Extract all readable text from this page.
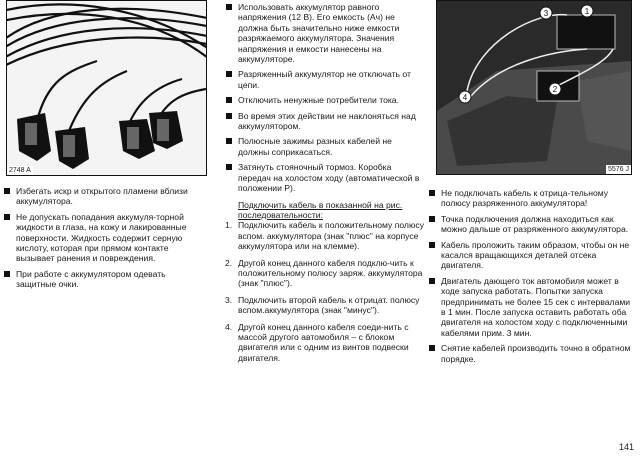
2748 A
Избегать искр и открытого пламени вблизи аккумулятора.
Не допускать попадания аккумуля-торной жидкости в глаза, на кожу и лакированные поверхности. Жидкость содержит серную кислоту, которая при прямом контакте вызывает ранения и повреждения.
При работе с аккумулятором одевать защитные очки.
Использовать аккумулятор равного напряжения (12 В). Его емкость (Ач) не должна быть значительно ниже емкости разряжаемого аккумулятора. Значения напряжения и емкости нанесены на аккумуляторе.
Разряженный аккумулятор не отключать от цепи.
Отключить ненужные потребители тока.
Во время этих действии не наклоняться над аккумулятором.
Полюсные зажимы разных кабелей не должны соприкасаться.
Затянуть стояночный тормоз. Коробка передач на холостом ходу (автоматической в положении Р).
Подключить кабель в показанной на рис. последовательности:
1. Подключить кабель к положительному полюсу вспом. аккумулятора (знак "плюс" на корпусе аккумулятора или на клемме).
2. Другой конец данного кабеля подклю-чить к положительному полюсу заряж. аккумулятора (знак "плюс").
3. Подключить второй кабель к отрицат. полюсу вспом.аккумулятора (знак "минус").
4. Другой конец данного кабеля соеди-нить с массой другого автомобиля – с блоком двигателя или с одним из винтов подвески двигателя.
1
3
2
4
5576 J
Не подключать кабель к отрица-тельному полюсу разряженного аккумулятора!
Точка подключения должна находиться как можно дальше от разряженного аккумулятора.
Кабель проложить таким образом, чтобы он не касался вращающихся деталей отсека двигателя.
Двигатель дающего ток автомобиля может в ходе запуска работать. Попытки запуска предпринимать не более 15 сек с интервалами в 1 мин. После запуска оставить работать оба двигателя на холостом ходу с подключенными кабелями прим. 3 мин.
Снятие кабелей производить точно в обратном порядке.
141
